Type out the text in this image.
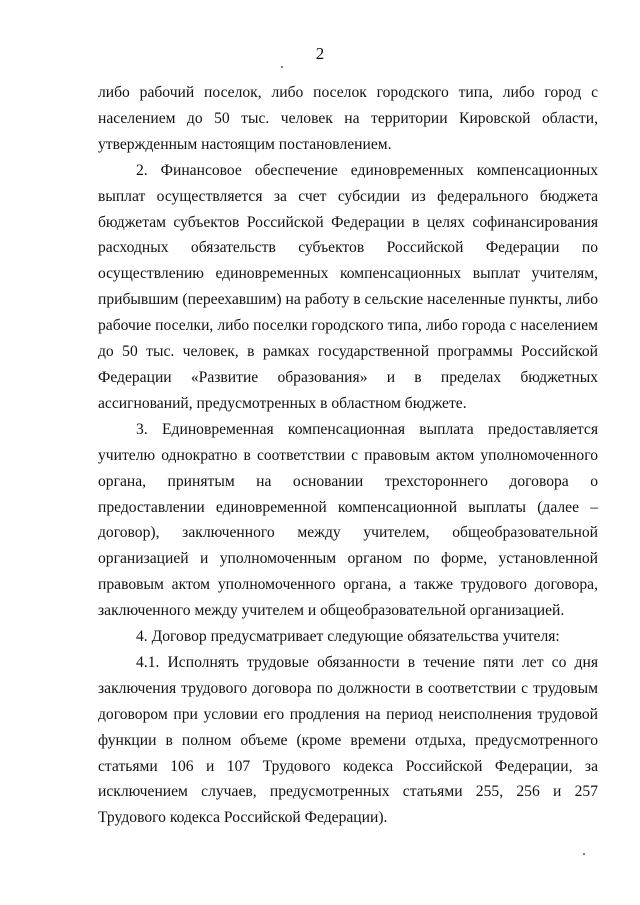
2

либо рабочий поселок, либо поселок городского типа, либо город с населением до 50 тыс. человек на территории Кировской области, утвержденным настоящим постановлением.

2. Финансовое обеспечение единовременных компенсационных выплат осуществляется за счет субсидии из федерального бюджета бюджетам субъектов Российской Федерации в целях софинансирования расходных обязательств субъектов Российской Федерации по осуществлению единовременных компенсационных выплат учителям, прибывшим (переехавшим) на работу в сельские населенные пункты, либо рабочие поселки, либо поселки городского типа, либо города с населением до 50 тыс. человек, в рамках государственной программы Российской Федерации «Развитие образования» и в пределах бюджетных ассигнований, предусмотренных в областном бюджете.

3. Единовременная компенсационная выплата предоставляется учителю однократно в соответствии с правовым актом уполномоченного органа, принятым на основании трехстороннего договора о предоставлении единовременной компенсационной выплаты (далее – договор), заключенного между учителем, общеобразовательной организацией и уполномоченным органом по форме, установленной правовым актом уполномоченного органа, а также трудового договора, заключенного между учителем и общеобразовательной организацией.

4. Договор предусматривает следующие обязательства учителя:

4.1. Исполнять трудовые обязанности в течение пяти лет со дня заключения трудового договора по должности в соответствии с трудовым договором при условии его продления на период неисполнения трудовой функции в полном объеме (кроме времени отдыха, предусмотренного статьями 106 и 107 Трудового кодекса Российской Федерации, за исключением случаев, предусмотренных статьями 255, 256 и 257 Трудового кодекса Российской Федерации).
